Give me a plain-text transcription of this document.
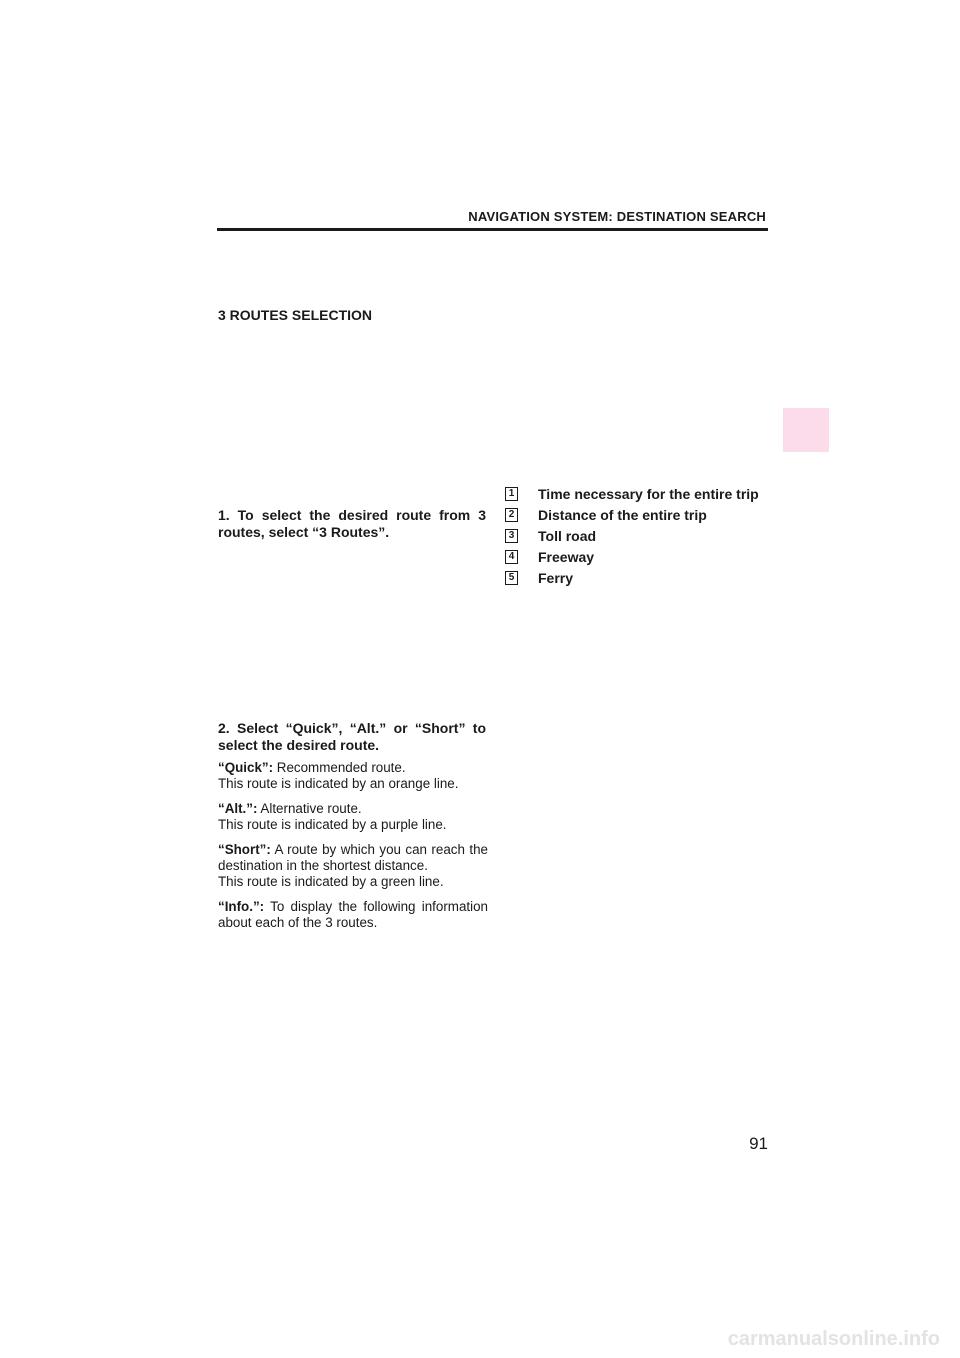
NAVIGATION SYSTEM: DESTINATION SEARCH
3 ROUTES SELECTION
1. To select the desired route from 3 routes, select “3 Routes”.
2. Select “Quick”, “Alt.” or “Short” to select the desired route.

“Quick”: Recommended route.
This route is indicated by an orange line.

“Alt.”: Alternative route.
This route is indicated by a purple line.

“Short”: A route by which you can reach the destination in the shortest distance.
This route is indicated by a green line.

“Info.”: To display the following information about each of the 3 routes.

1 Time necessary for the entire trip
2 Distance of the entire trip
3 Toll road
4 Freeway
5 Ferry
91
carmanualsonline.info
